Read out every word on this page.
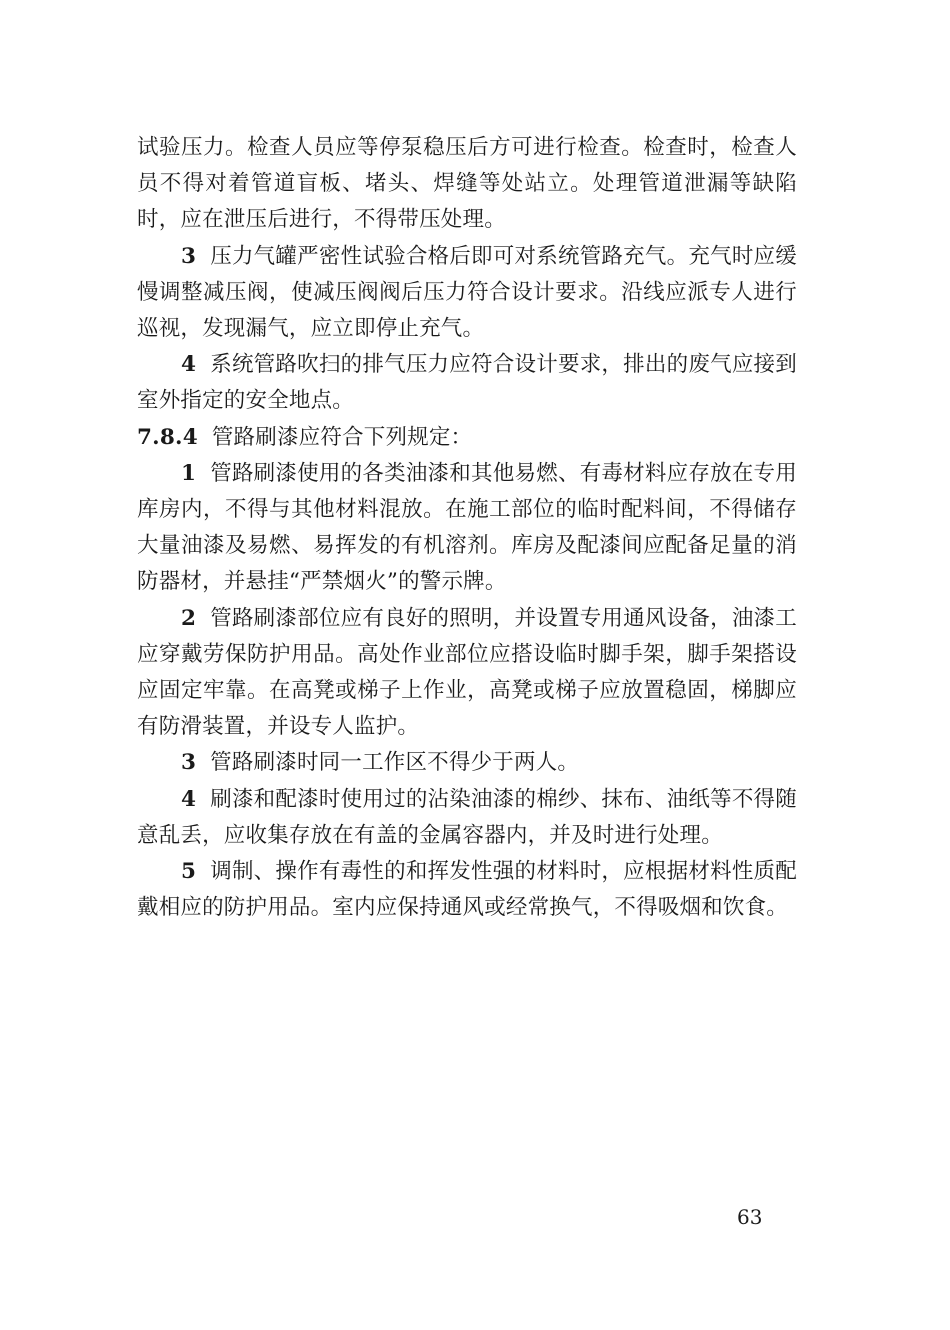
试验压力。检查人员应等停泵稳压后方可进行检查。检查时，检查人员不得对着管道盲板、堵头、焊缝等处站立。处理管道泄漏等缺陷时，应在泄压后进行，不得带压处理。

3 压力气罐严密性试验合格后即可对系统管路充气。充气时应缓慢调整减压阀，使减压阀阀后压力符合设计要求。沿线应派专人进行巡视，发现漏气，应立即停止充气。

4 系统管路吹扫的排气压力应符合设计要求，排出的废气应接到室外指定的安全地点。

7.8.4 管路刷漆应符合下列规定：

1 管路刷漆使用的各类油漆和其他易燃、有毒材料应存放在专用库房内，不得与其他材料混放。在施工部位的临时配料间，不得储存大量油漆及易燃、易挥发的有机溶剂。库房及配漆间应配备足量的消防器材，并悬挂“严禁烟火”的警示牌。

2 管路刷漆部位应有良好的照明，并设置专用通风设备，油漆工应穿戴劳保防护用品。高处作业部位应搭设临时脚手架，脚手架搭设应固定牢靠。在高凳或梯子上作业，高凳或梯子应放置稳固，梯脚应有防滑装置，并设专人监护。

3 管路刷漆时同一工作区不得少于两人。

4 刷漆和配漆时使用过的沾染油漆的棉纱、抹布、油纸等不得随意乱丢，应收集存放在有盖的金属容器内，并及时进行处理。

5 调制、操作有毒性的和挥发性强的材料时，应根据材料性质配戴相应的防护用品。室内应保持通风或经常换气，不得吸烟和饮食。

63
